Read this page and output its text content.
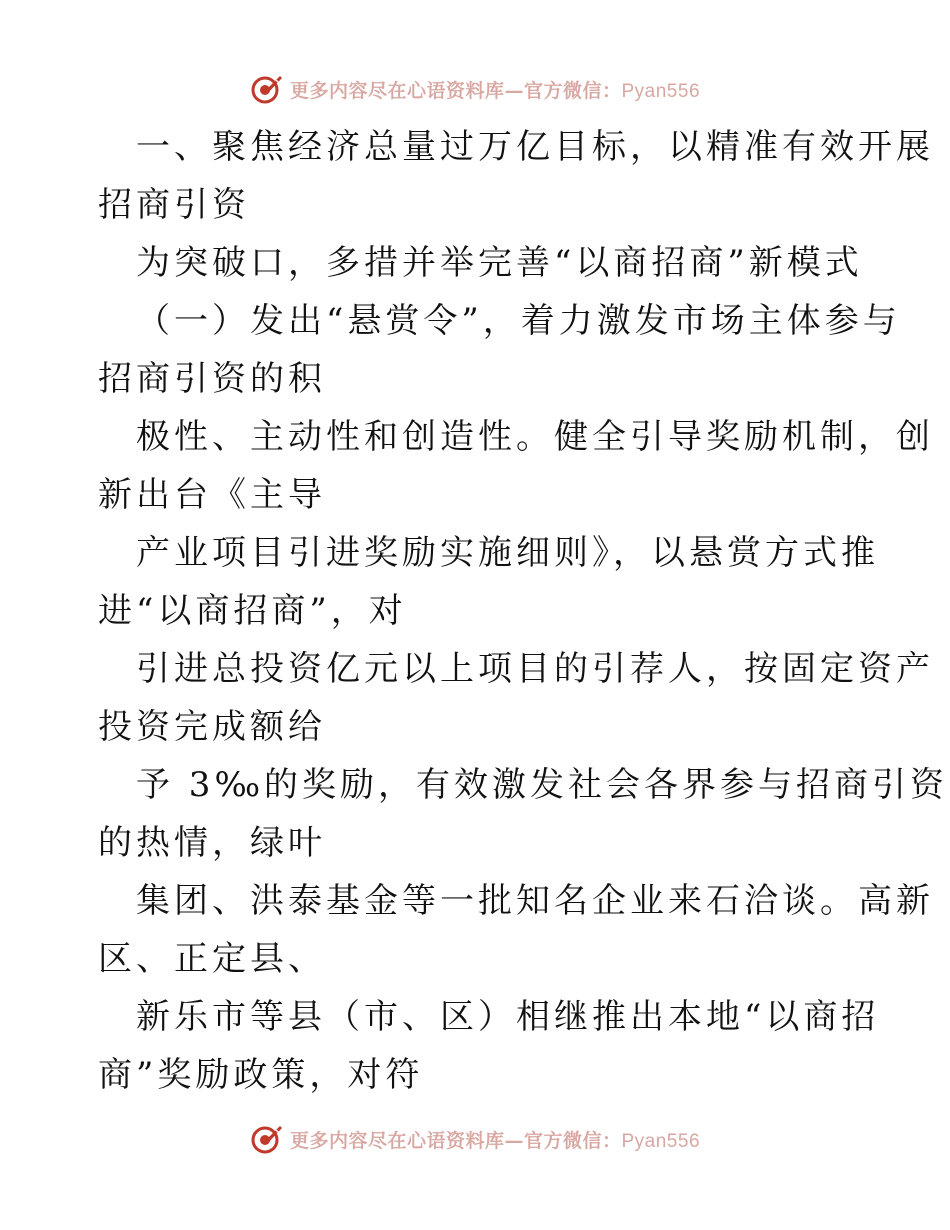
更多内容尽在心语资料库—官方微信：Pyan556
一、聚焦经济总量过万亿目标，以精准有效开展
招商引资
为突破口，多措并举完善“以商招商”新模式
（一）发出“悬赏令”，着力激发市场主体参与
招商引资的积
极性、主动性和创造性。健全引导奖励机制，创
新出台《主导
产业项目引进奖励实施细则》，以悬赏方式推
进“以商招商”，对
引进总投资亿元以上项目的引荐人，按固定资产
投资完成额给
予 3‰的奖励，有效激发社会各界参与招商引资
的热情，绿叶
集团、洪泰基金等一批知名企业来石洽谈。高新
区、正定县、
新乐市等县（市、区）相继推出本地“以商招
商”奖励政策，对符
更多内容尽在心语资料库—官方微信：Pyan556
